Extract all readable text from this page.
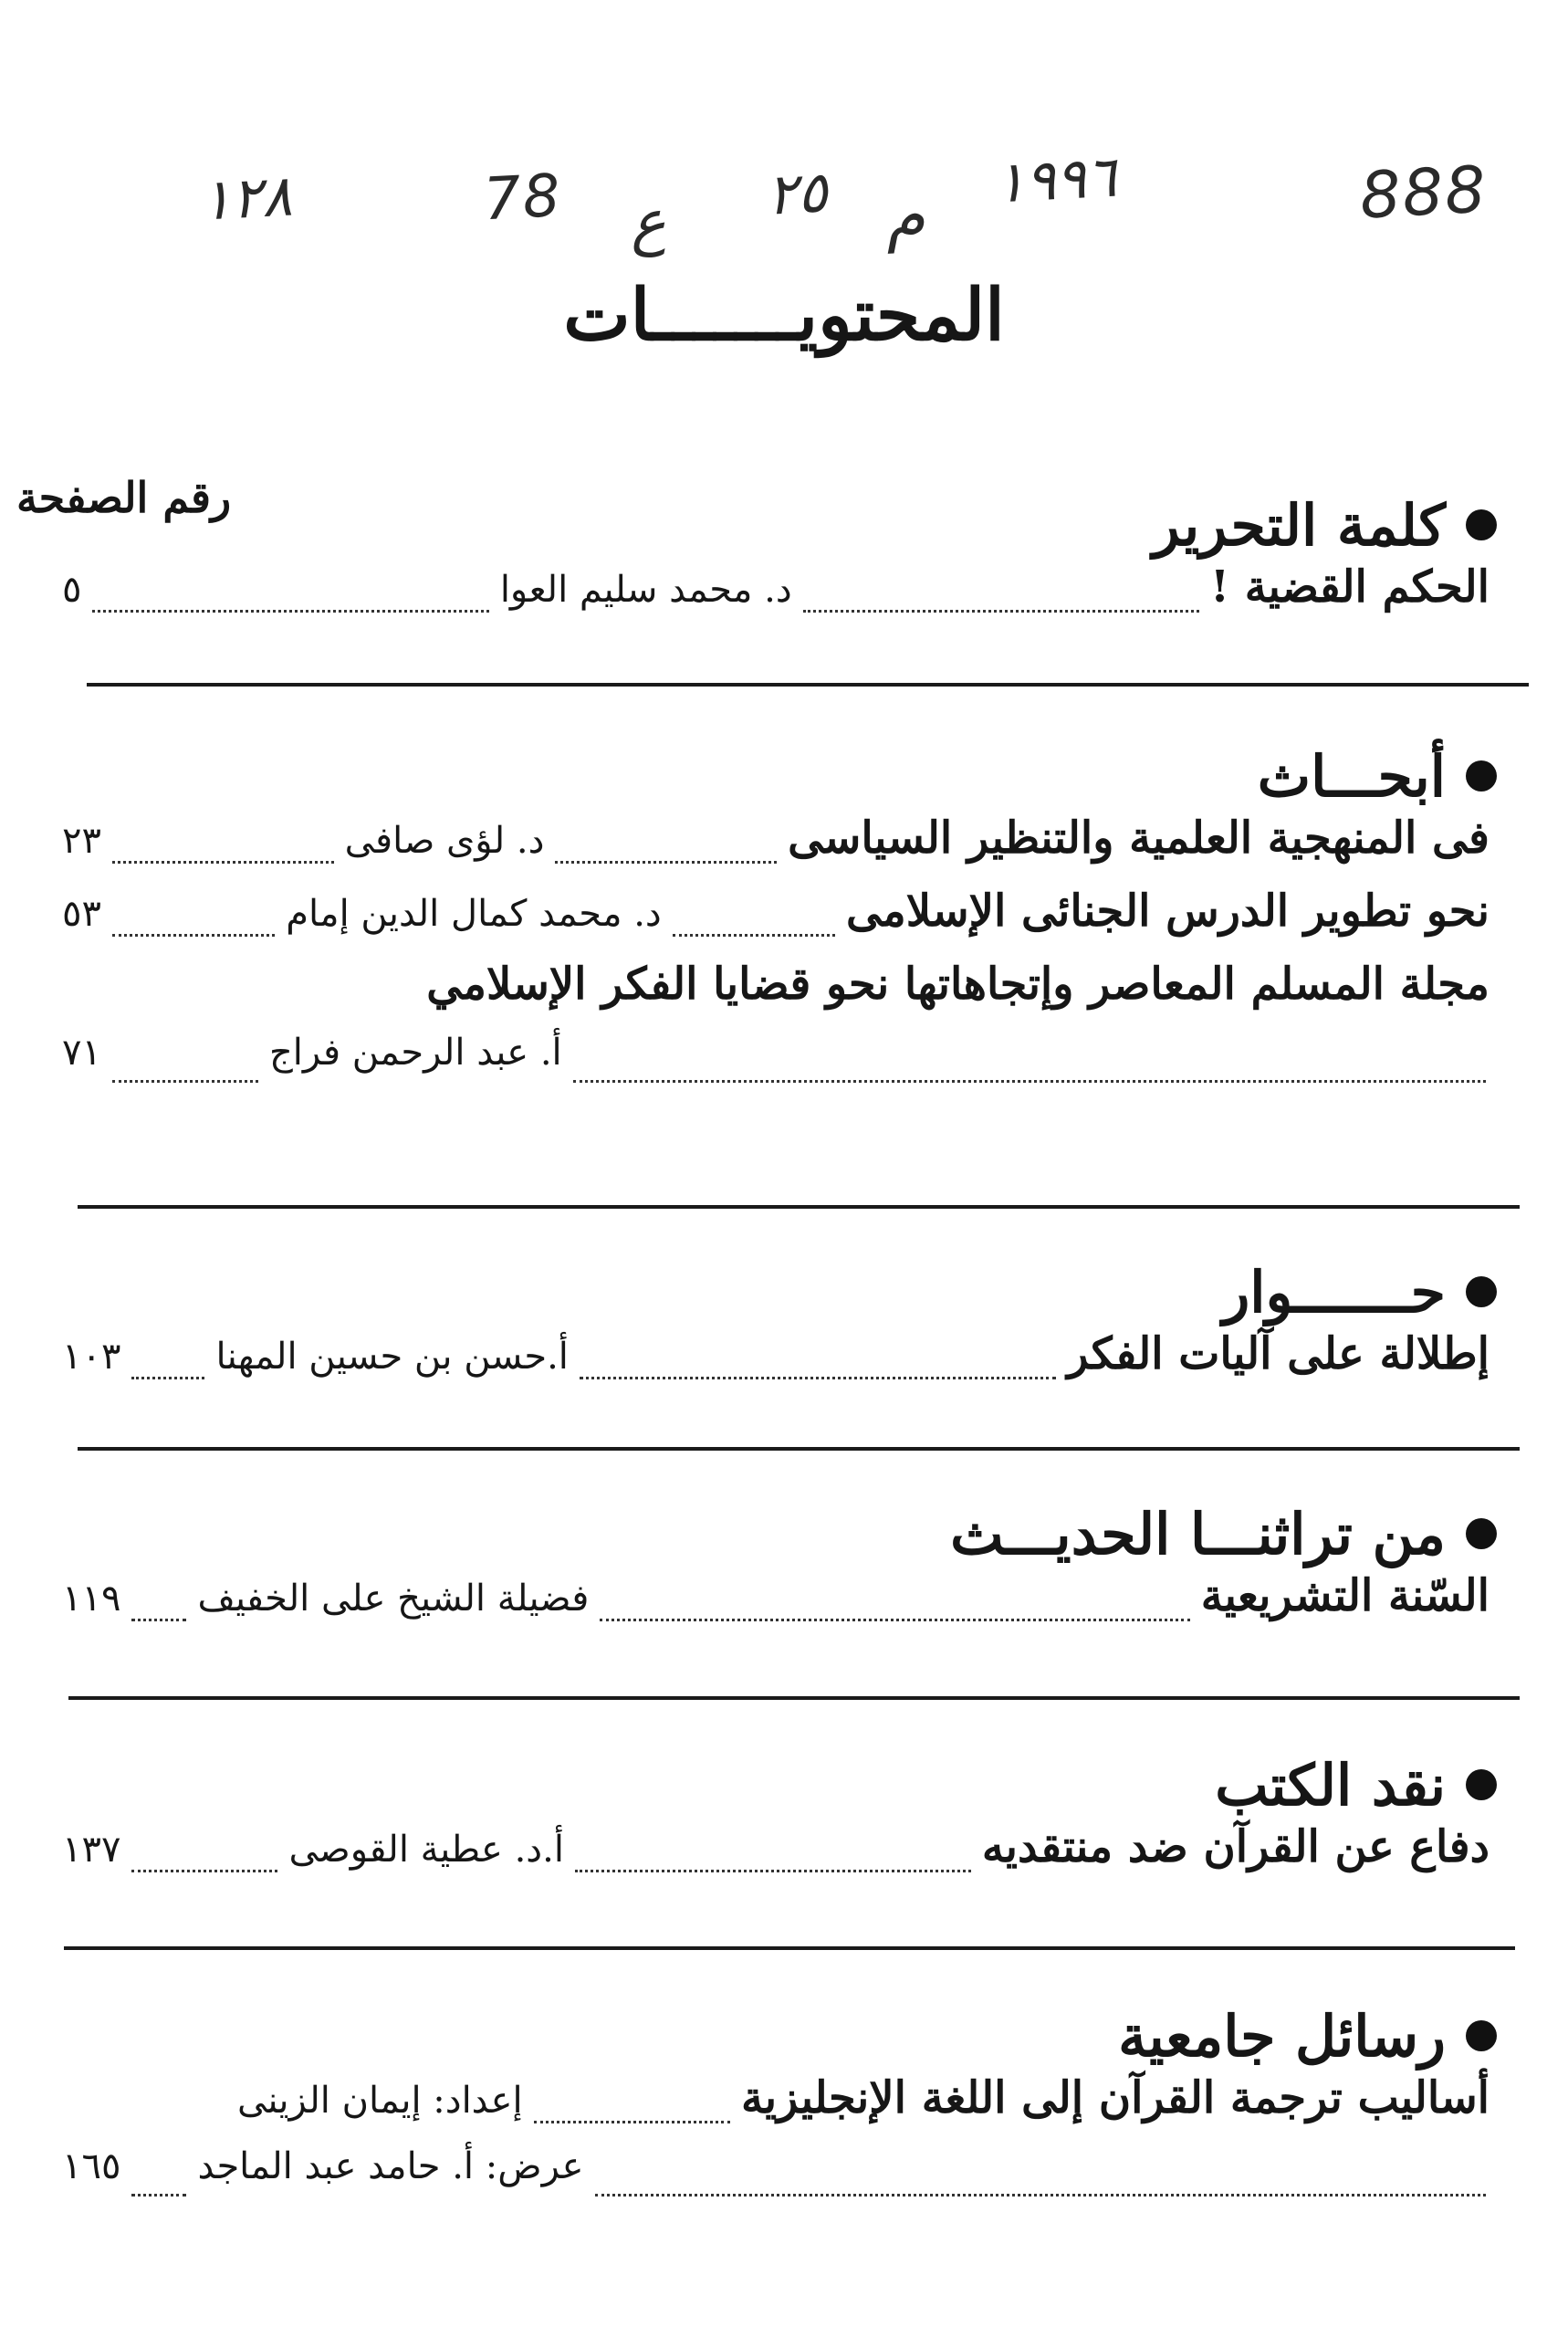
888
١٩٩٦
م
٢٥
ع
78
١٢٨
المحتويـــــــات
رقم الصفحة	كلمة التحرير
الحكم القضية !
د. محمد سليم العوا
٥
أبحـــاث
فى المنهجية العلمية والتنظير السياسى
د. لؤى صافى
٢٣
نحو تطوير الدرس الجنائى الإسلامى
د. محمد كمال الدين إمام
٥٣
مجلة المسلم المعاصر وإتجاهاتها نحو قضايا الفكر الإسلامي
أ. عبد الرحمن فراج
٧١
حـــــــوار
إطلالة على آليات الفكر
أ.حسن بن حسين المهنا
١٠٣
من تراثنـــا الحديـــث
السّنة التشريعية
فضيلة الشيخ على الخفيف
١١٩
نقد الكتب
دفاع عن القرآن ضد منتقديه
أ.د. عطية القوصى
١٣٧
رسائل جامعية
أساليب ترجمة القرآن إلى اللغة الإنجليزية
إعداد: إيمان الزينى
عرض: أ. حامد عبد الماجد
١٦٥
